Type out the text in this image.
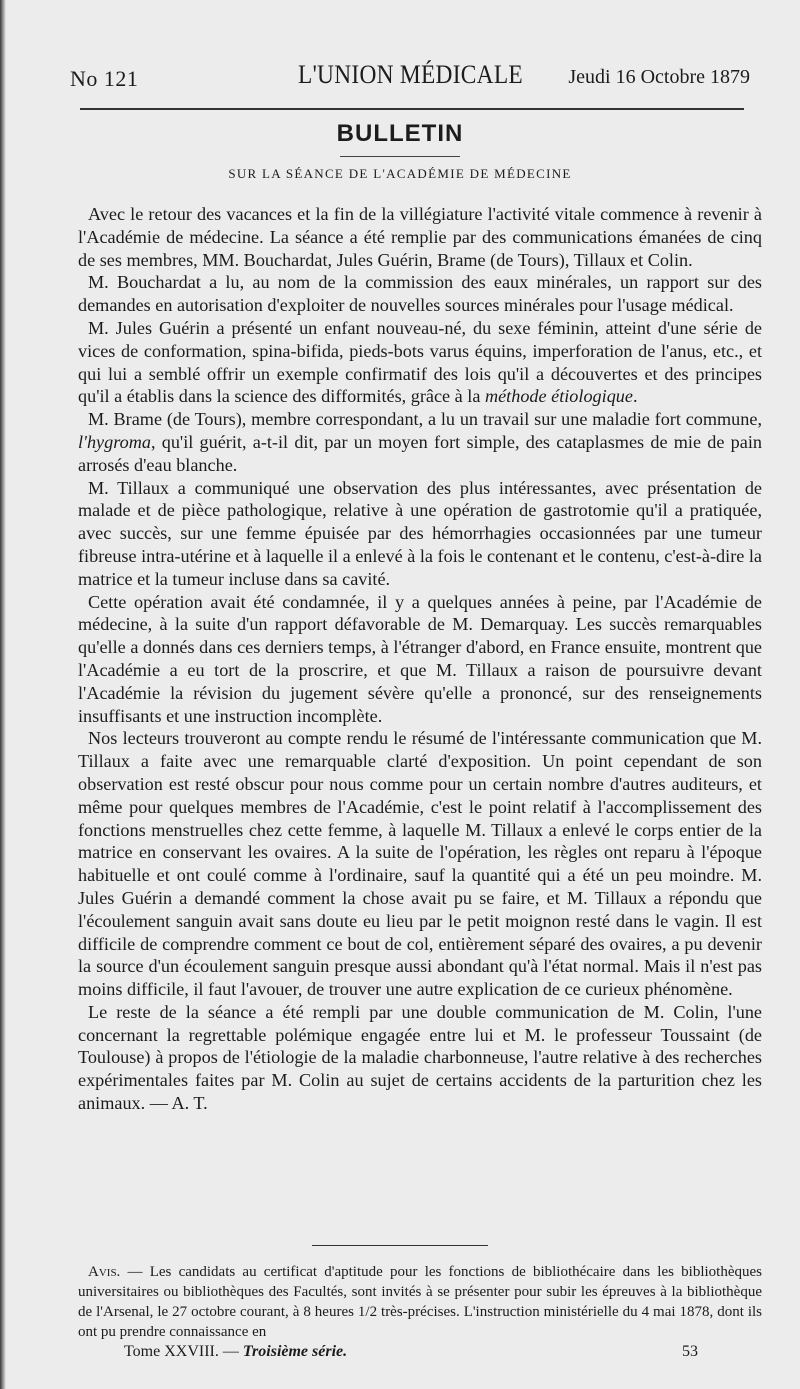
No 121	L'UNION MÉDICALE Jeudi 16 Octobre 1879
BULLETIN
SUR LA SÉANCE DE L'ACADÉMIE DE MÉDECINE

Avec le retour des vacances et la fin de la villégiature l'activité vitale commence à revenir à l'Académie de médecine. La séance a été remplie par des communications émanées de cinq de ses membres, MM. Bouchardat, Jules Guérin, Brame (de Tours), Tillaux et Colin.

M. Bouchardat a lu, au nom de la commission des eaux minérales, un rapport sur des demandes en autorisation d'exploiter de nouvelles sources minérales pour l'usage médical.

M. Jules Guérin a présenté un enfant nouveau-né, du sexe féminin, atteint d'une série de vices de conformation, spina-bifida, pieds-bots varus équins, imperforation de l'anus, etc., et qui lui a semblé offrir un exemple confirmatif des lois qu'il a découvertes et des principes qu'il a établis dans la science des difformités, grâce à la méthode étiologique.

M. Brame (de Tours), membre correspondant, a lu un travail sur une maladie fort commune, l'hygroma, qu'il guérit, a-t-il dit, par un moyen fort simple, des cataplasmes de mie de pain arrosés d'eau blanche.

M. Tillaux a communiqué une observation des plus intéressantes, avec présentation de malade et de pièce pathologique, relative à une opération de gastrotomie qu'il a pratiquée, avec succès, sur une femme épuisée par des hémorrhagies occasionnées par une tumeur fibreuse intra-utérine et à laquelle il a enlevé à la fois le contenant et le contenu, c'est-à-dire la matrice et la tumeur incluse dans sa cavité.

Cette opération avait été condamnée, il y a quelques années à peine, par l'Académie de médecine, à la suite d'un rapport défavorable de M. Demarquay. Les succès remarquables qu'elle a donnés dans ces derniers temps, à l'étranger d'abord, en France ensuite, montrent que l'Académie a eu tort de la proscrire, et que M. Tillaux a raison de poursuivre devant l'Académie la révision du jugement sévère qu'elle a prononcé, sur des renseignements insuffisants et une instruction incomplète.

Nos lecteurs trouveront au compte rendu le résumé de l'intéressante communication que M. Tillaux a faite avec une remarquable clarté d'exposition. Un point cependant de son observation est resté obscur pour nous comme pour un certain nombre d'autres auditeurs, et même pour quelques membres de l'Académie, c'est le point relatif à l'accomplissement des fonctions menstruelles chez cette femme, à laquelle M. Tillaux a enlevé le corps entier de la matrice en conservant les ovaires. A la suite de l'opération, les règles ont reparu à l'époque habituelle et ont coulé comme à l'ordinaire, sauf la quantité qui a été un peu moindre. M. Jules Guérin a demandé comment la chose avait pu se faire, et M. Tillaux a répondu que l'écoulement sanguin avait sans doute eu lieu par le petit moignon resté dans le vagin. Il est difficile de comprendre comment ce bout de col, entièrement séparé des ovaires, a pu devenir la source d'un écoulement sanguin presque aussi abondant qu'à l'état normal. Mais il n'est pas moins difficile, il faut l'avouer, de trouver une autre explication de ce curieux phénomène.

Le reste de la séance a été rempli par une double communication de M. Colin, l'une concernant la regrettable polémique engagée entre lui et M. le professeur Toussaint (de Toulouse) à propos de l'étiologie de la maladie charbonneuse, l'autre relative à des recherches expérimentales faites par M. Colin au sujet de certains accidents de la parturition chez les animaux. — A. T.

Avis. — Les candidats au certificat d'aptitude pour les fonctions de bibliothécaire dans les bibliothèques universitaires ou bibliothèques des Facultés, sont invités à se présenter pour subir les épreuves à la bibliothèque de l'Arsenal, le 27 octobre courant, à 8 heures 1/2 très-précises. L'instruction ministérielle du 4 mai 1878, dont ils ont pu prendre connaissance en
Tome XXVIII. — Troisième série.	53
